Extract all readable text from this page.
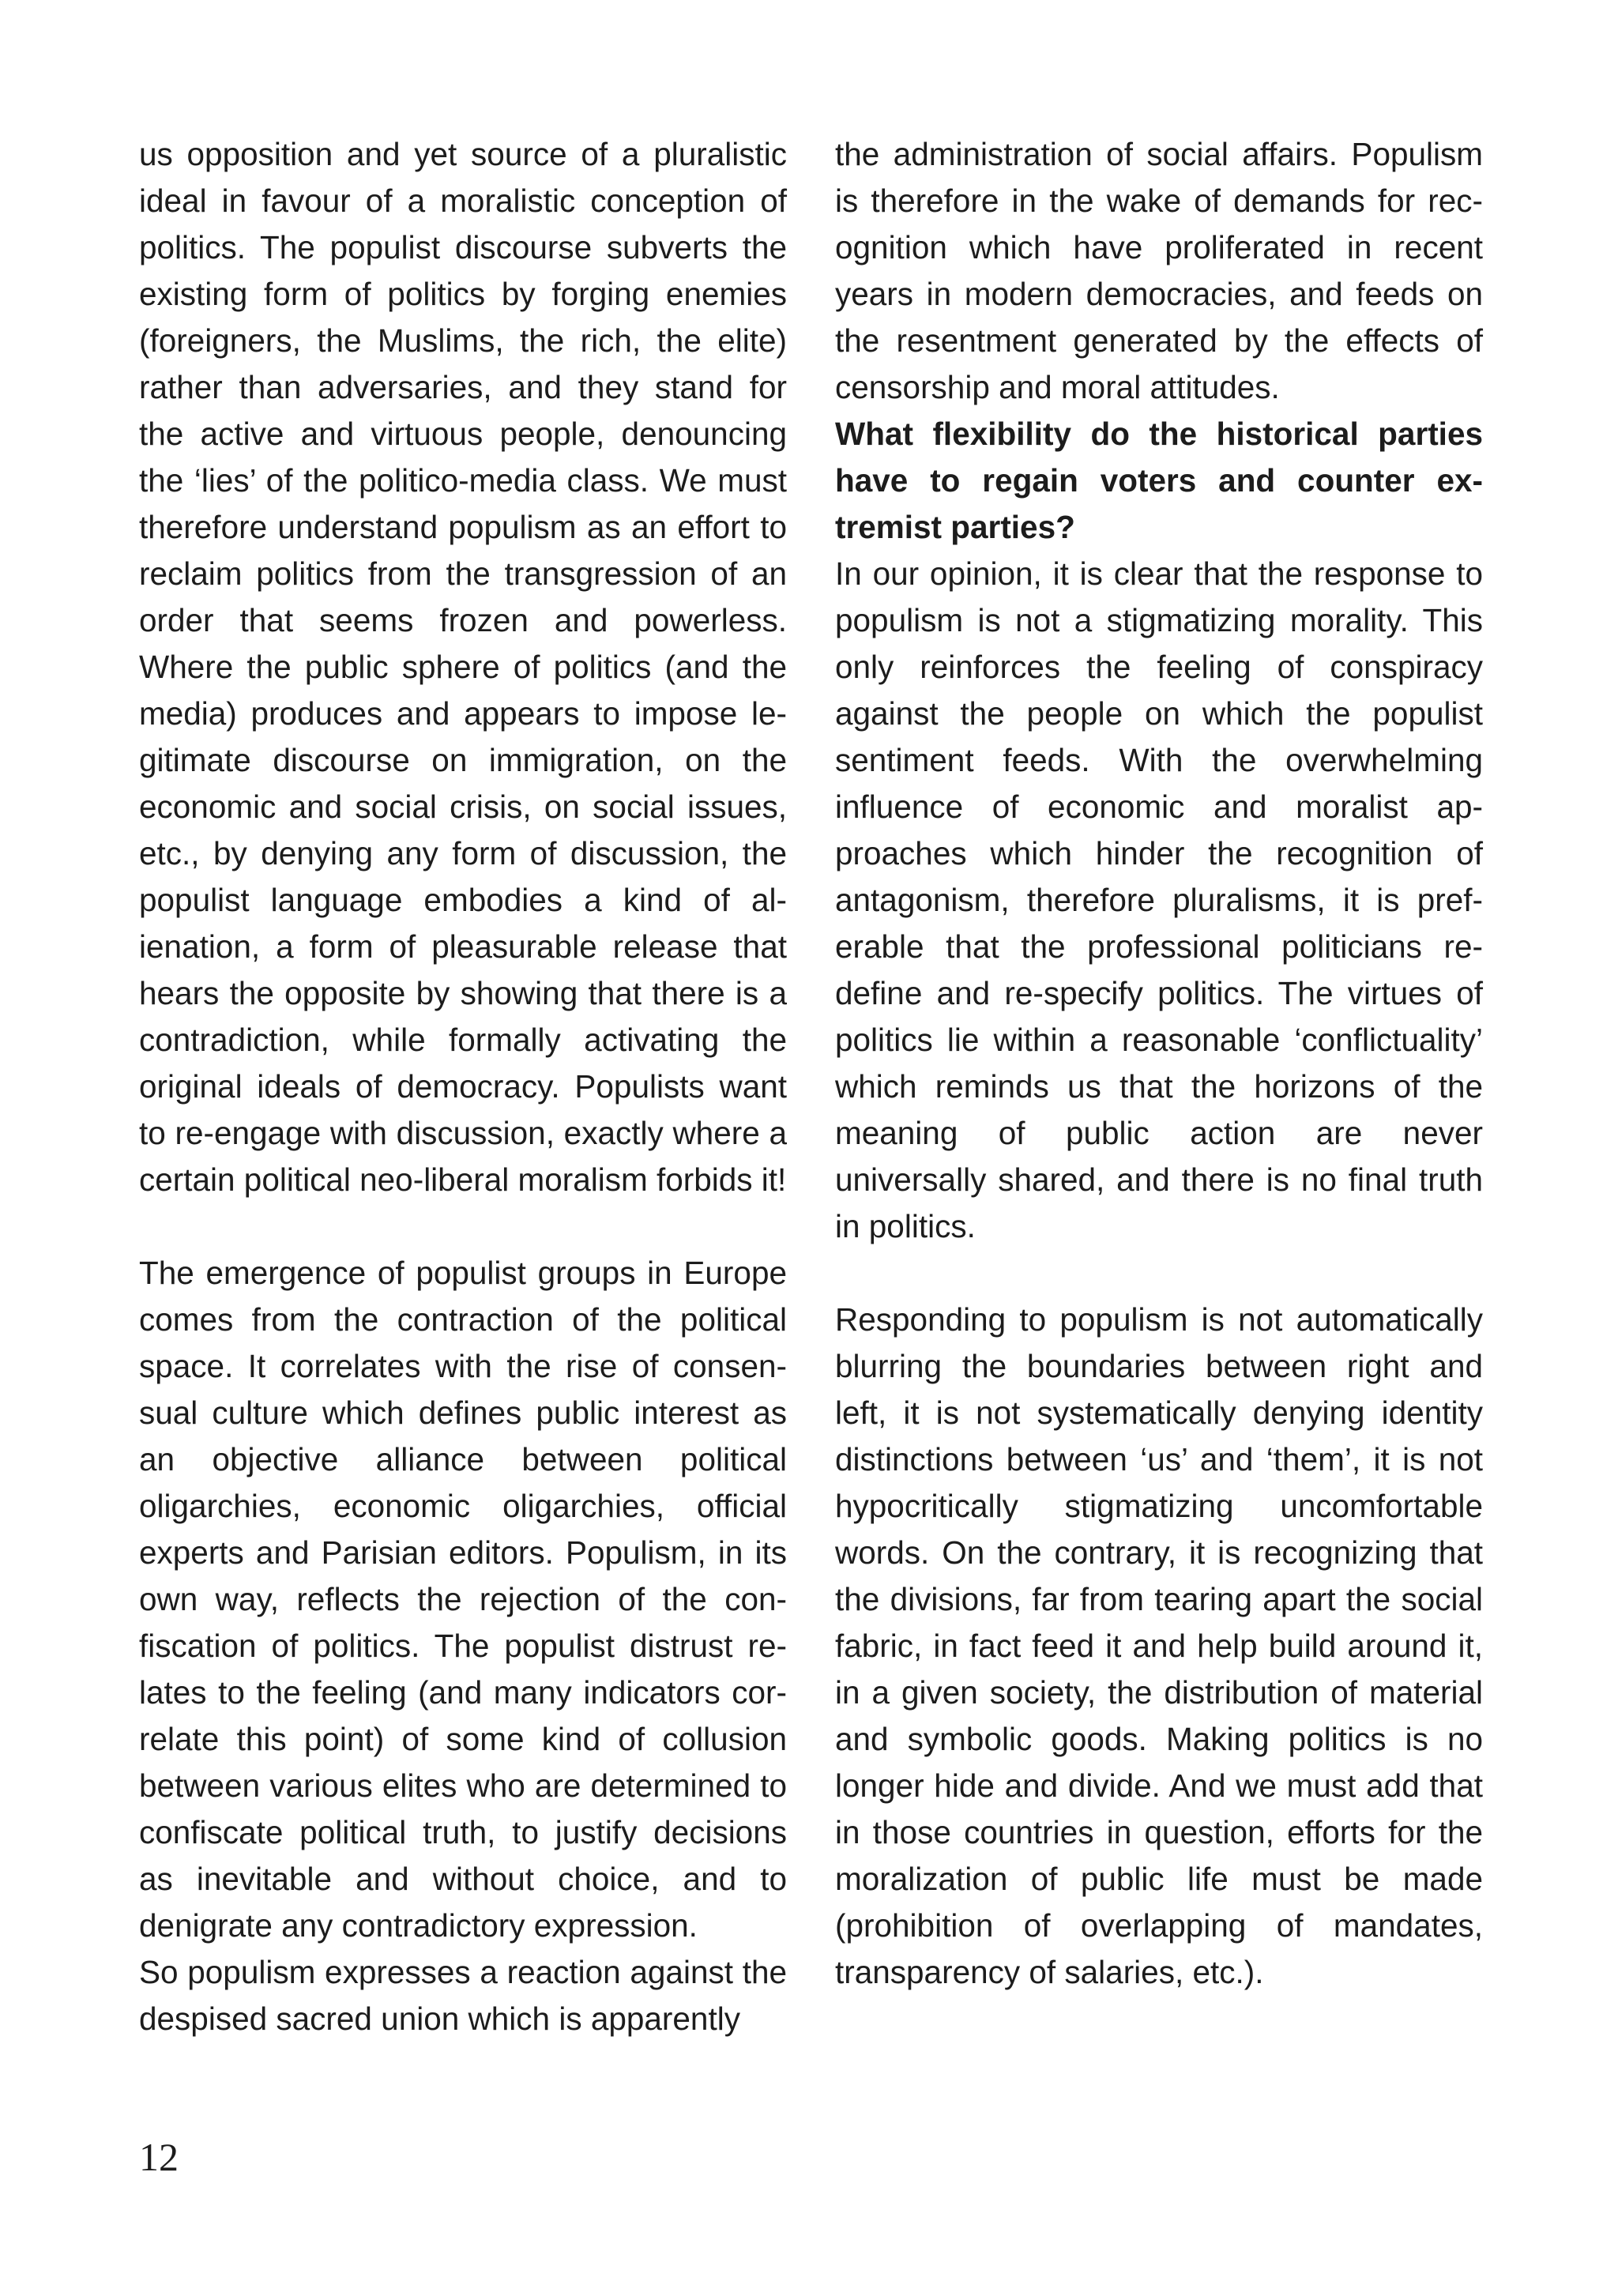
us opposition and yet source of a pluralistic ideal in favour of a moralistic conception of politics. The populist discourse subverts the existing form of politics by forging enemies (foreigners, the Muslims, the rich, the elite) rather than adversaries, and they stand for the active and virtuous people, denouncing the ‘lies’ of the politico-media class. We must therefore understand populism as an effort to reclaim politics from the transgression of an order that seems frozen and powerless. Where the public sphere of politics (and the media) produces and appears to impose legitimate discourse on immigration, on the economic and social crisis, on social issues, etc., by denying any form of discussion, the populist language embodies a kind of alienation, a form of pleasurable release that hears the opposite by showing that there is a contradiction, while formally activating the original ideals of democracy. Populists want to re-engage with discussion, exactly where a certain political neo-liberal moralism forbids it!

The emergence of populist groups in Europe comes from the contraction of the political space. It correlates with the rise of consensual culture which defines public interest as an objective alliance between political oligarchies, economic oligarchies, official experts and Parisian editors. Populism, in its own way, reflects the rejection of the confiscation of politics. The populist distrust relates to the feeling (and many indicators correlate this point) of some kind of collusion between various elites who are determined to confiscate political truth, to justify decisions as inevitable and without choice, and to denigrate any contradictory expression.

So populism expresses a reaction against the despised sacred union which is apparently

the administration of social affairs. Populism is therefore in the wake of demands for recognition which have proliferated in recent years in modern democracies, and feeds on the resentment generated by the effects of censorship and moral attitudes.

What flexibility do the historical parties have to regain voters and counter extremist parties?

In our opinion, it is clear that the response to populism is not a stigmatizing morality. This only reinforces the feeling of conspiracy against the people on which the populist sentiment feeds. With the overwhelming influence of economic and moralist approaches which hinder the recognition of antagonism, therefore pluralisms, it is preferable that the professional politicians redefine and re-specify politics. The virtues of politics lie within a reasonable ‘conflictuality’ which reminds us that the horizons of the meaning of public action are never universally shared, and there is no final truth in politics.

Responding to populism is not automatically blurring the boundaries between right and left, it is not systematically denying identity distinctions between ‘us’ and ‘them’, it is not hypocritically stigmatizing uncomfortable words. On the contrary, it is recognizing that the divisions, far from tearing apart the social fabric, in fact feed it and help build around it, in a given society, the distribution of material and symbolic goods. Making politics is no longer hide and divide. And we must add that in those countries in question, efforts for the moralization of public life must be made (prohibition of overlapping of mandates, transparency of salaries, etc.).

12
